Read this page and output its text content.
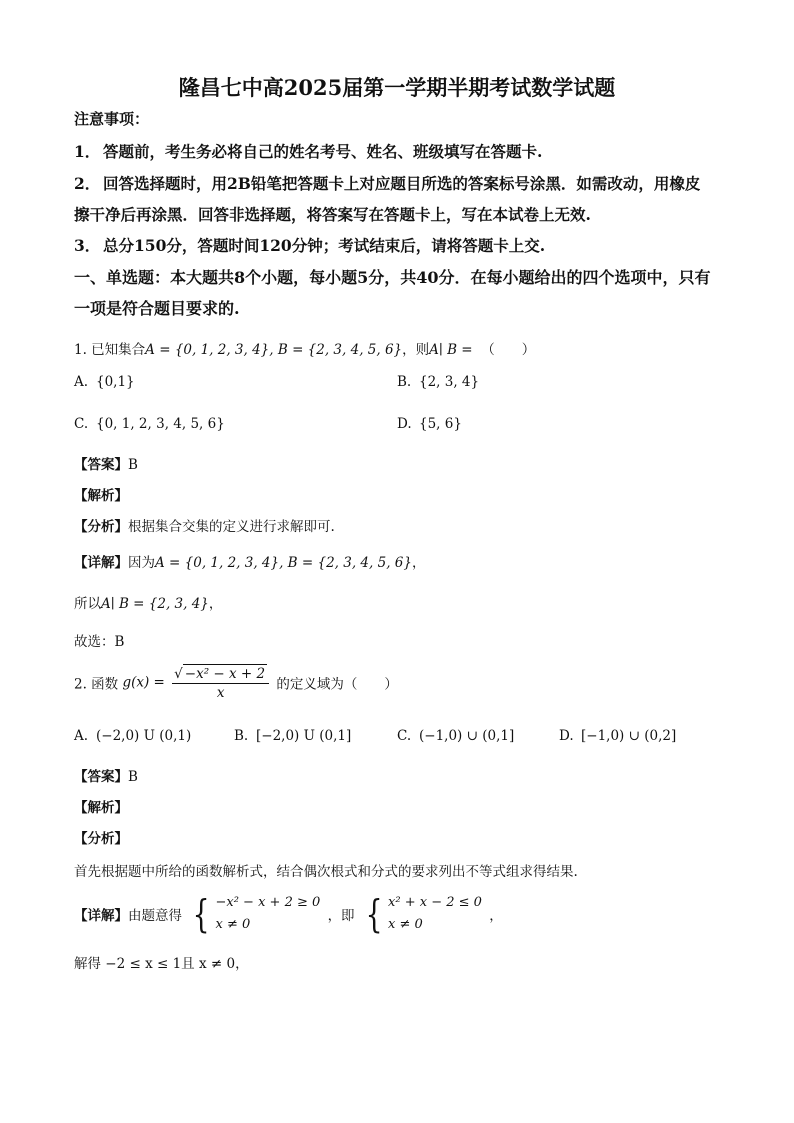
隆昌七中高2025届第一学期半期考试数学试题
注意事项：
1． 答题前，考生务必将自己的姓名考号、姓名、班级填写在答题卡.
2． 回答选择题时，用2B铅笔把答题卡上对应题目所选的答案标号涂黑．如需改动，用橡皮
擦干净后再涂黑．回答非选择题，将答案写在答题卡上，写在本试卷上无效.
3． 总分150分，答题时间120分钟；考试结束后，请将答题卡上交.
一、单选题：本大题共8个小题，每小题5分，共40分．在每小题给出的四个选项中，只有
一项是符合题目要求的.
1. 已知集合A = {0, 1, 2, 3, 4}, B = {2, 3, 4, 5, 6}，则A∣ B = （　　）
A. {0,1}	B. {2, 3, 4}
C. {0, 1, 2, 3, 4, 5, 6}	D. {5, 6}
【答案】B
【解析】
【分析】根据集合交集的定义进行求解即可.
【详解】因为A = {0, 1, 2, 3, 4}, B = {2, 3, 4, 5, 6}，
所以A∣ B = {2, 3, 4}，
故选：B
2. 函数 $g(x) = \frac{\text{√ −x² − x + 2}}{x}$ 的定义域为（　　）
A. (−2,0) U (0,1)	B. [−2,0) U (0,1]	C. (−1,0) ∪ (0,1]	D. [−1,0) ∪ (0,2]
【答案】B
【解析】
【分析】
首先根据题中所给的函数解析式，结合偶次根式和分式的要求列出不等式组求得结果.
【详解】由题意得 { −x² − x + 2 ≥ 0
x ≠ 0
，即 { x² + x − 2 ≤ 0
x ≠ 0
，
解得 −2 ≤ x ≤ 1且 x ≠ 0，
